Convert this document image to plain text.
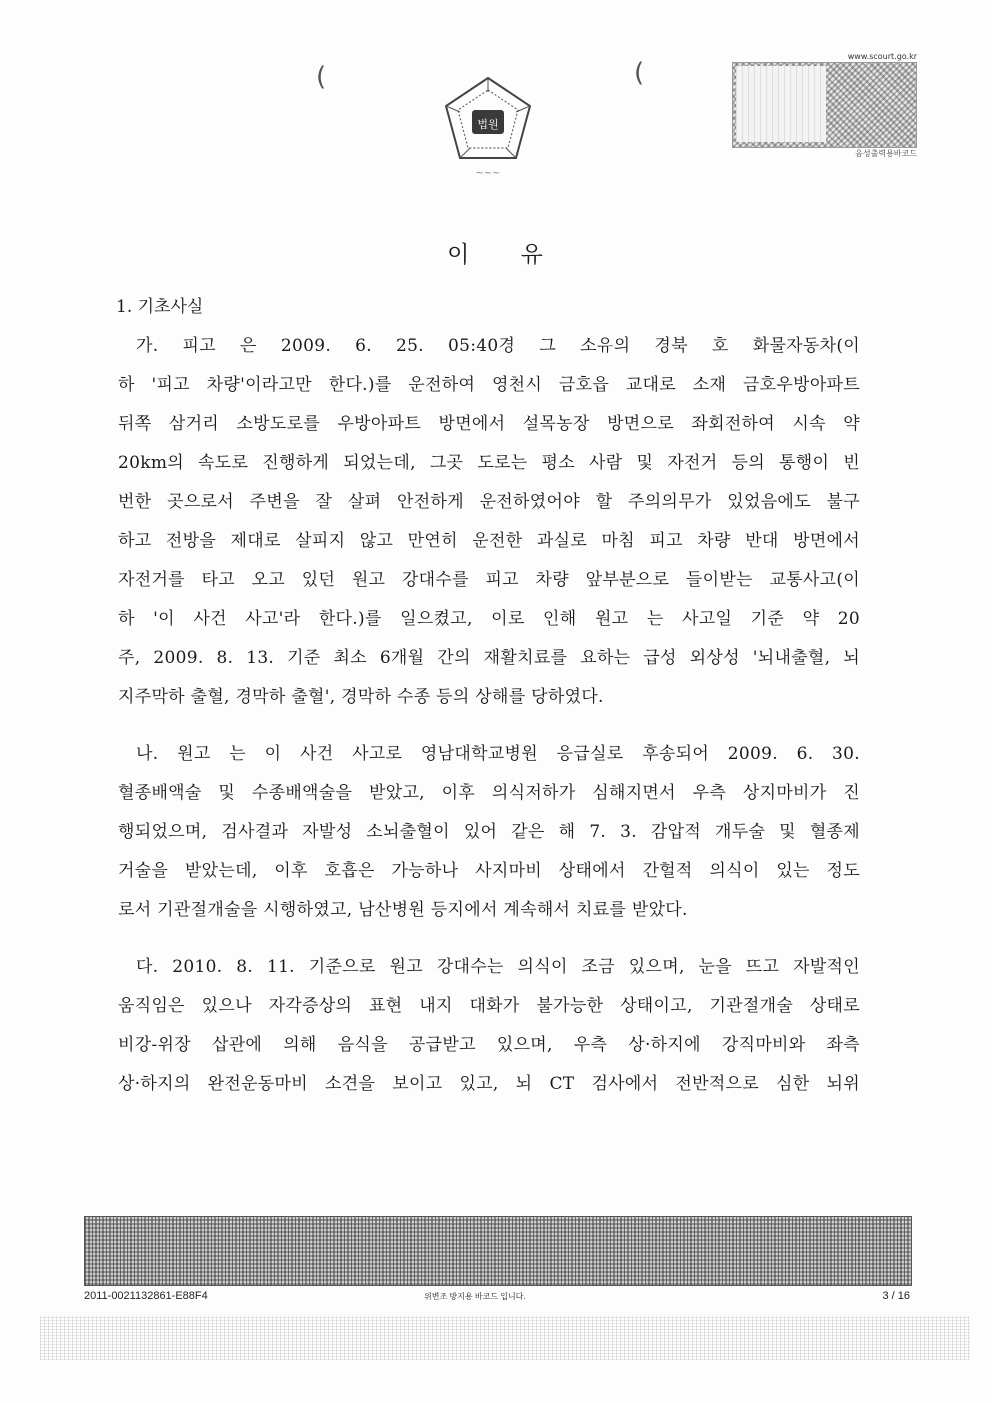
(	(
법원
~~~
www.scourt.go.kr
음성출력용바코드
이 유
1. 기초사실
가. 피고 은 2009. 6. 25. 05:40경 그 소유의 경북 호 화물자동차(이
하 '피고 차량'이라고만 한다.)를 운전하여 영천시 금호읍 교대로 소재 금호우방아파트
뒤쪽 삼거리 소방도로를 우방아파트 방면에서 설목농장 방면으로 좌회전하여 시속 약
20km의 속도로 진행하게 되었는데, 그곳 도로는 평소 사람 및 자전거 등의 통행이 빈
번한 곳으로서 주변을 잘 살펴 안전하게 운전하였어야 할 주의의무가 있었음에도 불구
하고 전방을 제대로 살피지 않고 만연히 운전한 과실로 마침 피고 차량 반대 방면에서
자전거를 타고 오고 있던 원고 강대수를 피고 차량 앞부분으로 들이받는 교통사고(이
하 '이 사건 사고'라 한다.)를 일으켰고, 이로 인해 원고 는 사고일 기준 약 20
주, 2009. 8. 13. 기준 최소 6개월 간의 재활치료를 요하는 급성 외상성 '뇌내출혈, 뇌
지주막하 출혈, 경막하 출혈', 경막하 수종 등의 상해를 당하였다.
나. 원고 는 이 사건 사고로 영남대학교병원 응급실로 후송되어 2009. 6. 30.
혈종배액술 및 수종배액술을 받았고, 이후 의식저하가 심해지면서 우측 상지마비가 진
행되었으며, 검사결과 자발성 소뇌출혈이 있어 같은 해 7. 3. 감압적 개두술 및 혈종제
거술을 받았는데, 이후 호흡은 가능하나 사지마비 상태에서 간헐적 의식이 있는 정도
로서 기관절개술을 시행하였고, 남산병원 등지에서 계속해서 치료를 받았다.
다. 2010. 8. 11. 기준으로 원고 강대수는 의식이 조금 있으며, 눈을 뜨고 자발적인
움직임은 있으나 자각증상의 표현 내지 대화가 불가능한 상태이고, 기관절개술 상태로
비강-위장 삽관에 의해 음식을 공급받고 있으며, 우측 상·하지에 강직마비와 좌측
상·하지의 완전운동마비 소견을 보이고 있고, 뇌 CT 검사에서 전반적으로 심한 뇌위
2011-0021132861-E88F4	위변조 방지용 바코드 입니다.	3 / 16
